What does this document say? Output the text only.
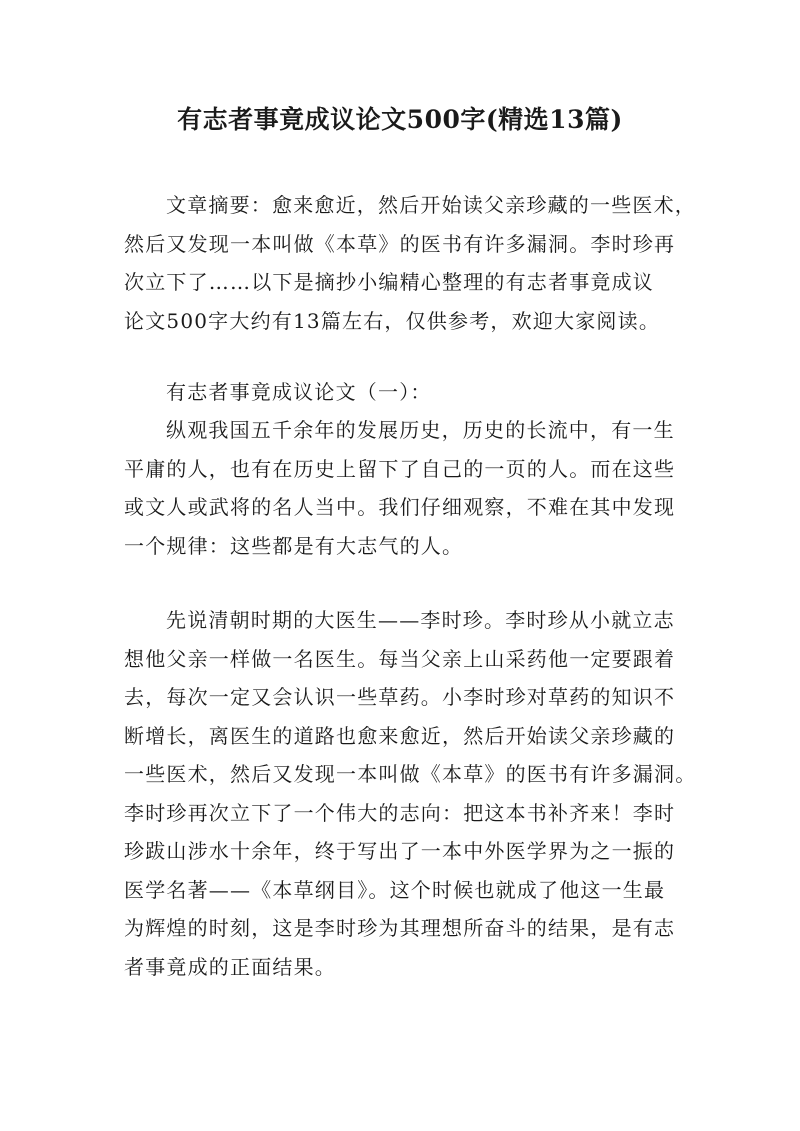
有志者事竟成议论文500字(精选13篇)
文章摘要：愈来愈近，然后开始读父亲珍藏的一些医术，
然后又发现一本叫做《本草》的医书有许多漏洞。李时珍再
次立下了……以下是摘抄小编精心整理的有志者事竟成议
论文500字大约有13篇左右，仅供参考，欢迎大家阅读。
有志者事竟成议论文（一）：
纵观我国五千余年的发展历史，历史的长流中，有一生
平庸的人，也有在历史上留下了自己的一页的人。而在这些
或文人或武将的名人当中。我们仔细观察，不难在其中发现
一个规律：这些都是有大志气的人。
先说清朝时期的大医生——李时珍。李时珍从小就立志
想他父亲一样做一名医生。每当父亲上山采药他一定要跟着
去，每次一定又会认识一些草药。小李时珍对草药的知识不
断增长，离医生的道路也愈来愈近，然后开始读父亲珍藏的
一些医术，然后又发现一本叫做《本草》的医书有许多漏洞。
李时珍再次立下了一个伟大的志向：把这本书补齐来！李时
珍跋山涉水十余年，终于写出了一本中外医学界为之一振的
医学名著——《本草纲目》。这个时候也就成了他这一生最
为辉煌的时刻，这是李时珍为其理想所奋斗的结果，是有志
者事竟成的正面结果。
